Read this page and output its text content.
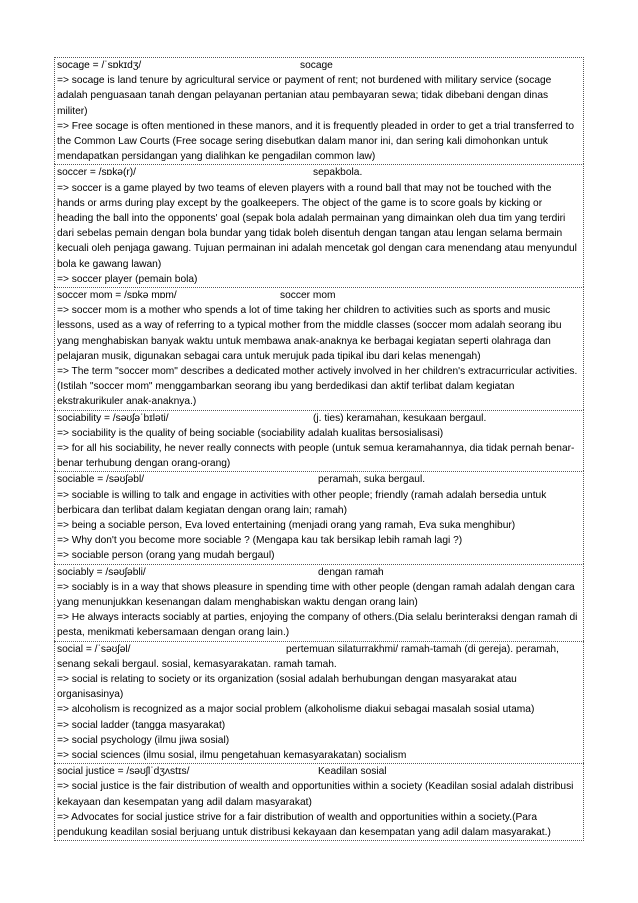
socage = /ˈsɒkɪdʒ/	socage
=> socage is land tenure by agricultural service or payment of rent; not burdened with military service (socage adalah penguasaan tanah dengan pelayanan pertanian atau pembayaran sewa; tidak dibebani dengan dinas militer)
=> Free socage is often mentioned in these manors, and it is frequently pleaded in order to get a trial transferred to the Common Law Courts (Free socage sering disebutkan dalam manor ini, dan sering kali dimohonkan untuk mendapatkan persidangan yang dialihkan ke pengadilan common law)
soccer = /sɒkə(r)/	sepakbola.
=> soccer is a game played by two teams of eleven players with a round ball that may not be touched with the hands or arms during play except by the goalkeepers. The object of the game is to score goals by kicking or heading the ball into the opponents' goal (sepak bola adalah permainan yang dimainkan oleh dua tim yang terdiri dari sebelas pemain dengan bola bundar yang tidak boleh disentuh dengan tangan atau lengan selama bermain kecuali oleh penjaga gawang. Tujuan permainan ini adalah mencetak gol dengan cara menendang atau menyundul bola ke gawang lawan)
=> soccer player (pemain bola)
soccer mom = /sɒkə mɒm/	soccer mom
=> soccer mom is a mother who spends a lot of time taking her children to activities such as sports and music lessons, used as a way of referring to a typical mother from the middle classes (soccer mom adalah seorang ibu yang menghabiskan banyak waktu untuk membawa anak-anaknya ke berbagai kegiatan seperti olahraga dan pelajaran musik, digunakan sebagai cara untuk merujuk pada tipikal ibu dari kelas menengah)
=> The term "soccer mom" describes a dedicated mother actively involved in her children's extracurricular activities.(Istilah "soccer mom" menggambarkan seorang ibu yang berdedikasi dan aktif terlibat dalam kegiatan ekstrakurikuler anak-anaknya.)
sociability = /səʊʃəˈbɪləti/	(j. ties) keramahan, kesukaan bergaul.
=> sociability is the quality of being sociable (sociability adalah kualitas bersosialisasi)
=> for all his sociability, he never really connects with people (untuk semua keramahannya, dia tidak pernah benar-benar terhubung dengan orang-orang)
sociable = /səʊʃəbl/	peramah, suka bergaul.
=> sociable is willing to talk and engage in activities with other people; friendly (ramah adalah bersedia untuk berbicara dan terlibat dalam kegiatan dengan orang lain; ramah)
=> being a sociable person, Eva loved entertaining (menjadi orang yang ramah, Eva suka menghibur)
=> Why don't you become more sociable ? (Mengapa kau tak bersikap lebih ramah lagi ?)
=> sociable person (orang yang mudah bergaul)
sociably = /səʊʃəbli/	dengan ramah
=> sociably is in a way that shows pleasure in spending time with other people (dengan ramah adalah dengan cara yang menunjukkan kesenangan dalam menghabiskan waktu dengan orang lain)
=> He always interacts sociably at parties, enjoying the company of others.(Dia selalu berinteraksi dengan ramah di pesta, menikmati kebersamaan dengan orang lain.)
social = /ˈsəʊʃəl/	pertemuan silaturrakhmi/ ramah-tamah (di gereja). peramah,
senang sekali bergaul. sosial, kemasyarakatan. ramah tamah.
=> social is relating to society or its organization (sosial adalah berhubungan dengan masyarakat atau organisasinya)
=> alcoholism is recognized as a major social problem (alkoholisme diakui sebagai masalah sosial utama)
=> social ladder (tangga masyarakat)
=> social psychology (ilmu jiwa sosial)
=> social sciences (ilmu sosial, ilmu pengetahuan kemasyarakatan) socialism
social justice = /səʊʃlˈdʒʌstɪs/	Keadilan sosial
=> social justice is the fair distribution of wealth and opportunities within a society (Keadilan sosial adalah distribusi kekayaan dan kesempatan yang adil dalam masyarakat)
=> Advocates for social justice strive for a fair distribution of wealth and opportunities within a society.(Para pendukung keadilan sosial berjuang untuk distribusi kekayaan dan kesempatan yang adil dalam masyarakat.)
